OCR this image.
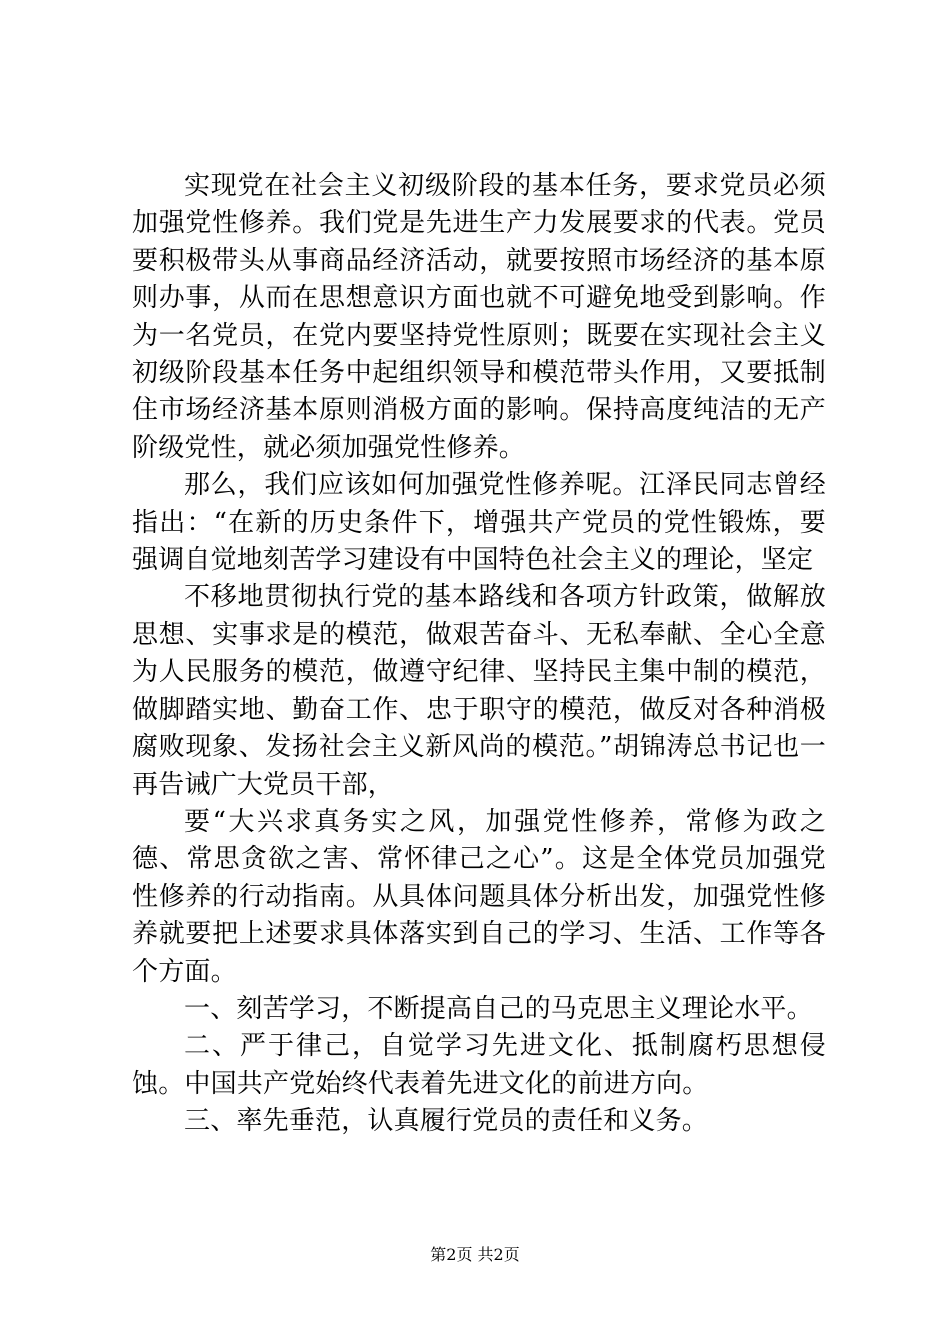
实现党在社会主义初级阶段的基本任务，要求党员必须加强党性修养。我们党是先进生产力发展要求的代表。党员要积极带头从事商品经济活动，就要按照市场经济的基本原则办事，从而在思想意识方面也就不可避免地受到影响。作为一名党员，在党内要坚持党性原则；既要在实现社会主义初级阶段基本任务中起组织领导和模范带头作用，又要抵制住市场经济基本原则消极方面的影响。保持高度纯洁的无产阶级党性，就必须加强党性修养。

那么，我们应该如何加强党性修养呢。江泽民同志曾经指出：“在新的历史条件下，增强共产党员的党性锻炼，要强调自觉地刻苦学习建设有中国特色社会主义的理论，坚定

不移地贯彻执行党的基本路线和各项方针政策，做解放思想、实事求是的模范，做艰苦奋斗、无私奉献、全心全意为人民服务的模范，做遵守纪律、坚持民主集中制的模范，做脚踏实地、勤奋工作、忠于职守的模范，做反对各种消极腐败现象、发扬社会主义新风尚的模范。”胡锦涛总书记也一再告诫广大党员干部，

要“大兴求真务实之风，加强党性修养，常修为政之德、常思贪欲之害、常怀律己之心”。这是全体党员加强党性修养的行动指南。从具体问题具体分析出发，加强党性修养就要把上述要求具体落实到自己的学习、生活、工作等各个方面。

一、刻苦学习，不断提高自己的马克思主义理论水平。

二、严于律己，自觉学习先进文化、抵制腐朽思想侵蚀。中国共产党始终代表着先进文化的前进方向。

三、率先垂范，认真履行党员的责任和义务。

第2页 共2页
